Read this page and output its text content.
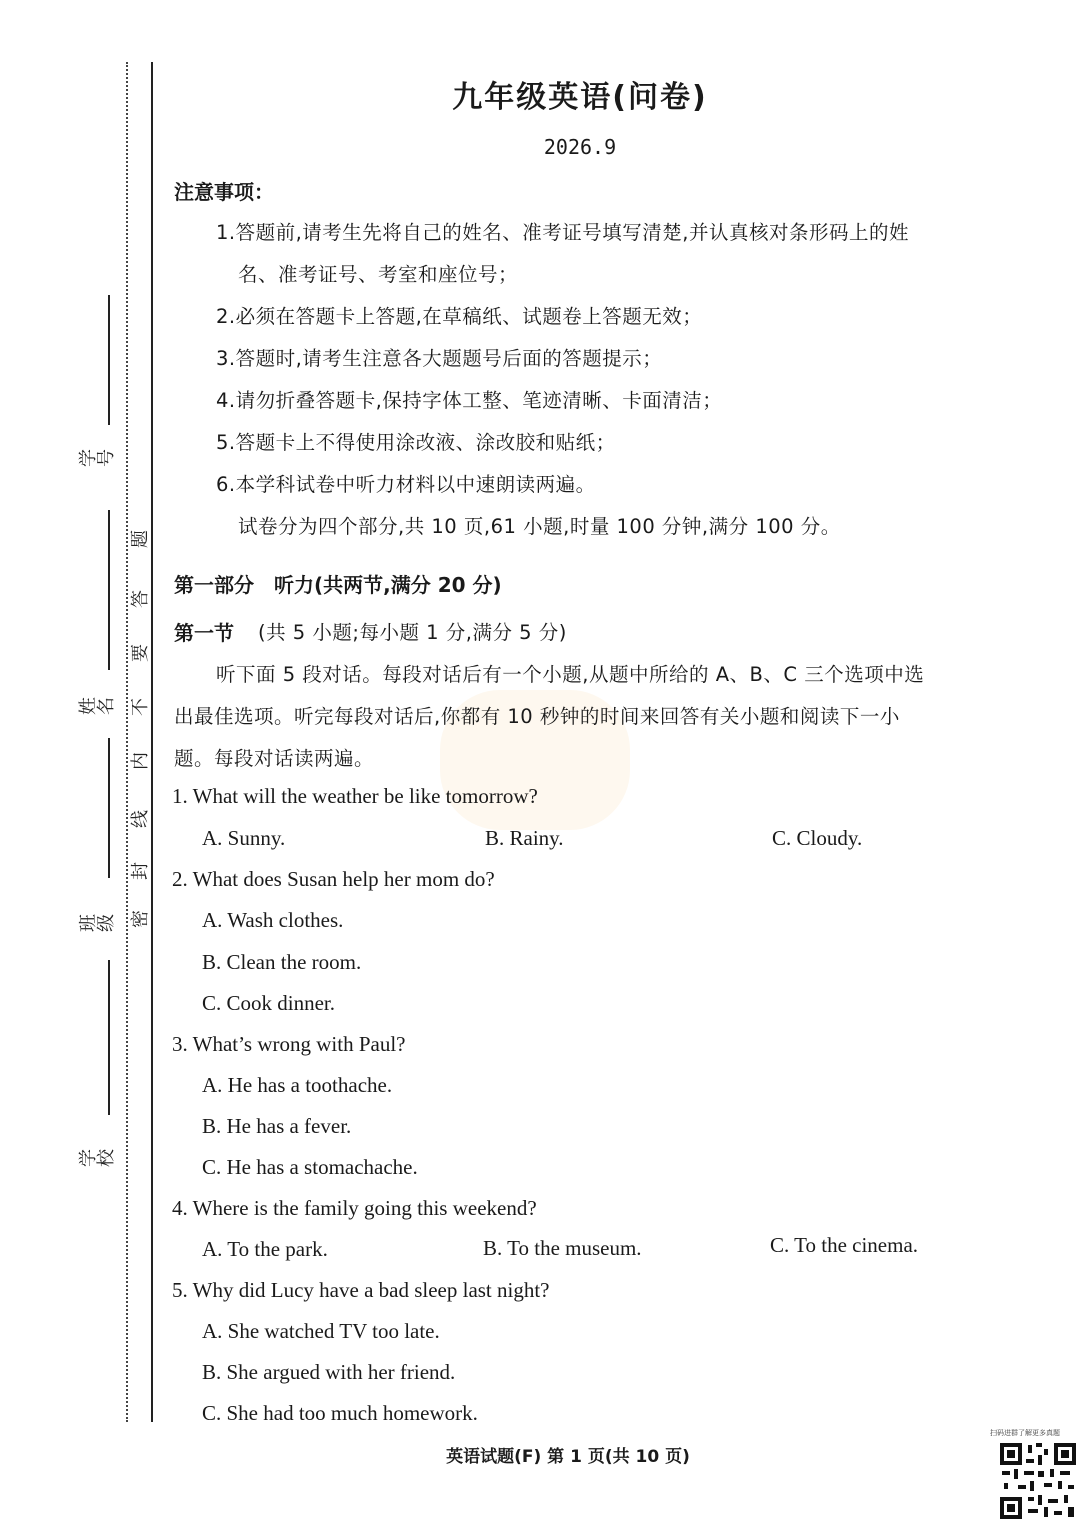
学号
姓名
班级
学校
密
封
线
内
不
要
答
题
九年级英语(问卷)
2026.9
注意事项：
1.答题前,请考生先将自己的姓名、准考证号填写清楚,并认真核对条形码上的姓
名、准考证号、考室和座位号；
2.必须在答题卡上答题,在草稿纸、试题卷上答题无效；
3.答题时,请考生注意各大题题号后面的答题提示；
4.请勿折叠答题卡,保持字体工整、笔迹清晰、卡面清洁；
5.答题卡上不得使用涂改液、涂改胶和贴纸；
6.本学科试卷中听力材料以中速朗读两遍。
试卷分为四个部分,共 10 页,61 小题,时量 100 分钟,满分 100 分。
第一部分　听力(共两节,满分 20 分)
第一节 (共 5 小题;每小题 1 分,满分 5 分)
听下面 5 段对话。每段对话后有一个小题,从题中所给的 A、B、C 三个选项中选
出最佳选项。听完每段对话后,你都有 10 秒钟的时间来回答有关小题和阅读下一小
题。每段对话读两遍。
1. What will the weather be like tomorrow?
A. Sunny.	B. Rainy.	C. Cloudy.
2. What does Susan help her mom do?
A. Wash clothes.
B. Clean the room.
C. Cook dinner.
3. What’s wrong with Paul?
A. He has a toothache.
B. He has a fever.
C. He has a stomachache.
4. Where is the family going this weekend?
A. To the park.	B. To the museum.	C. To the cinema.
5. Why did Lucy have a bad sleep last night?
A. She watched TV too late.
B. She argued with her friend.
C. She had too much homework.
英语试题(F) 第 1 页(共 10 页)
扫码进群了解更多真题
